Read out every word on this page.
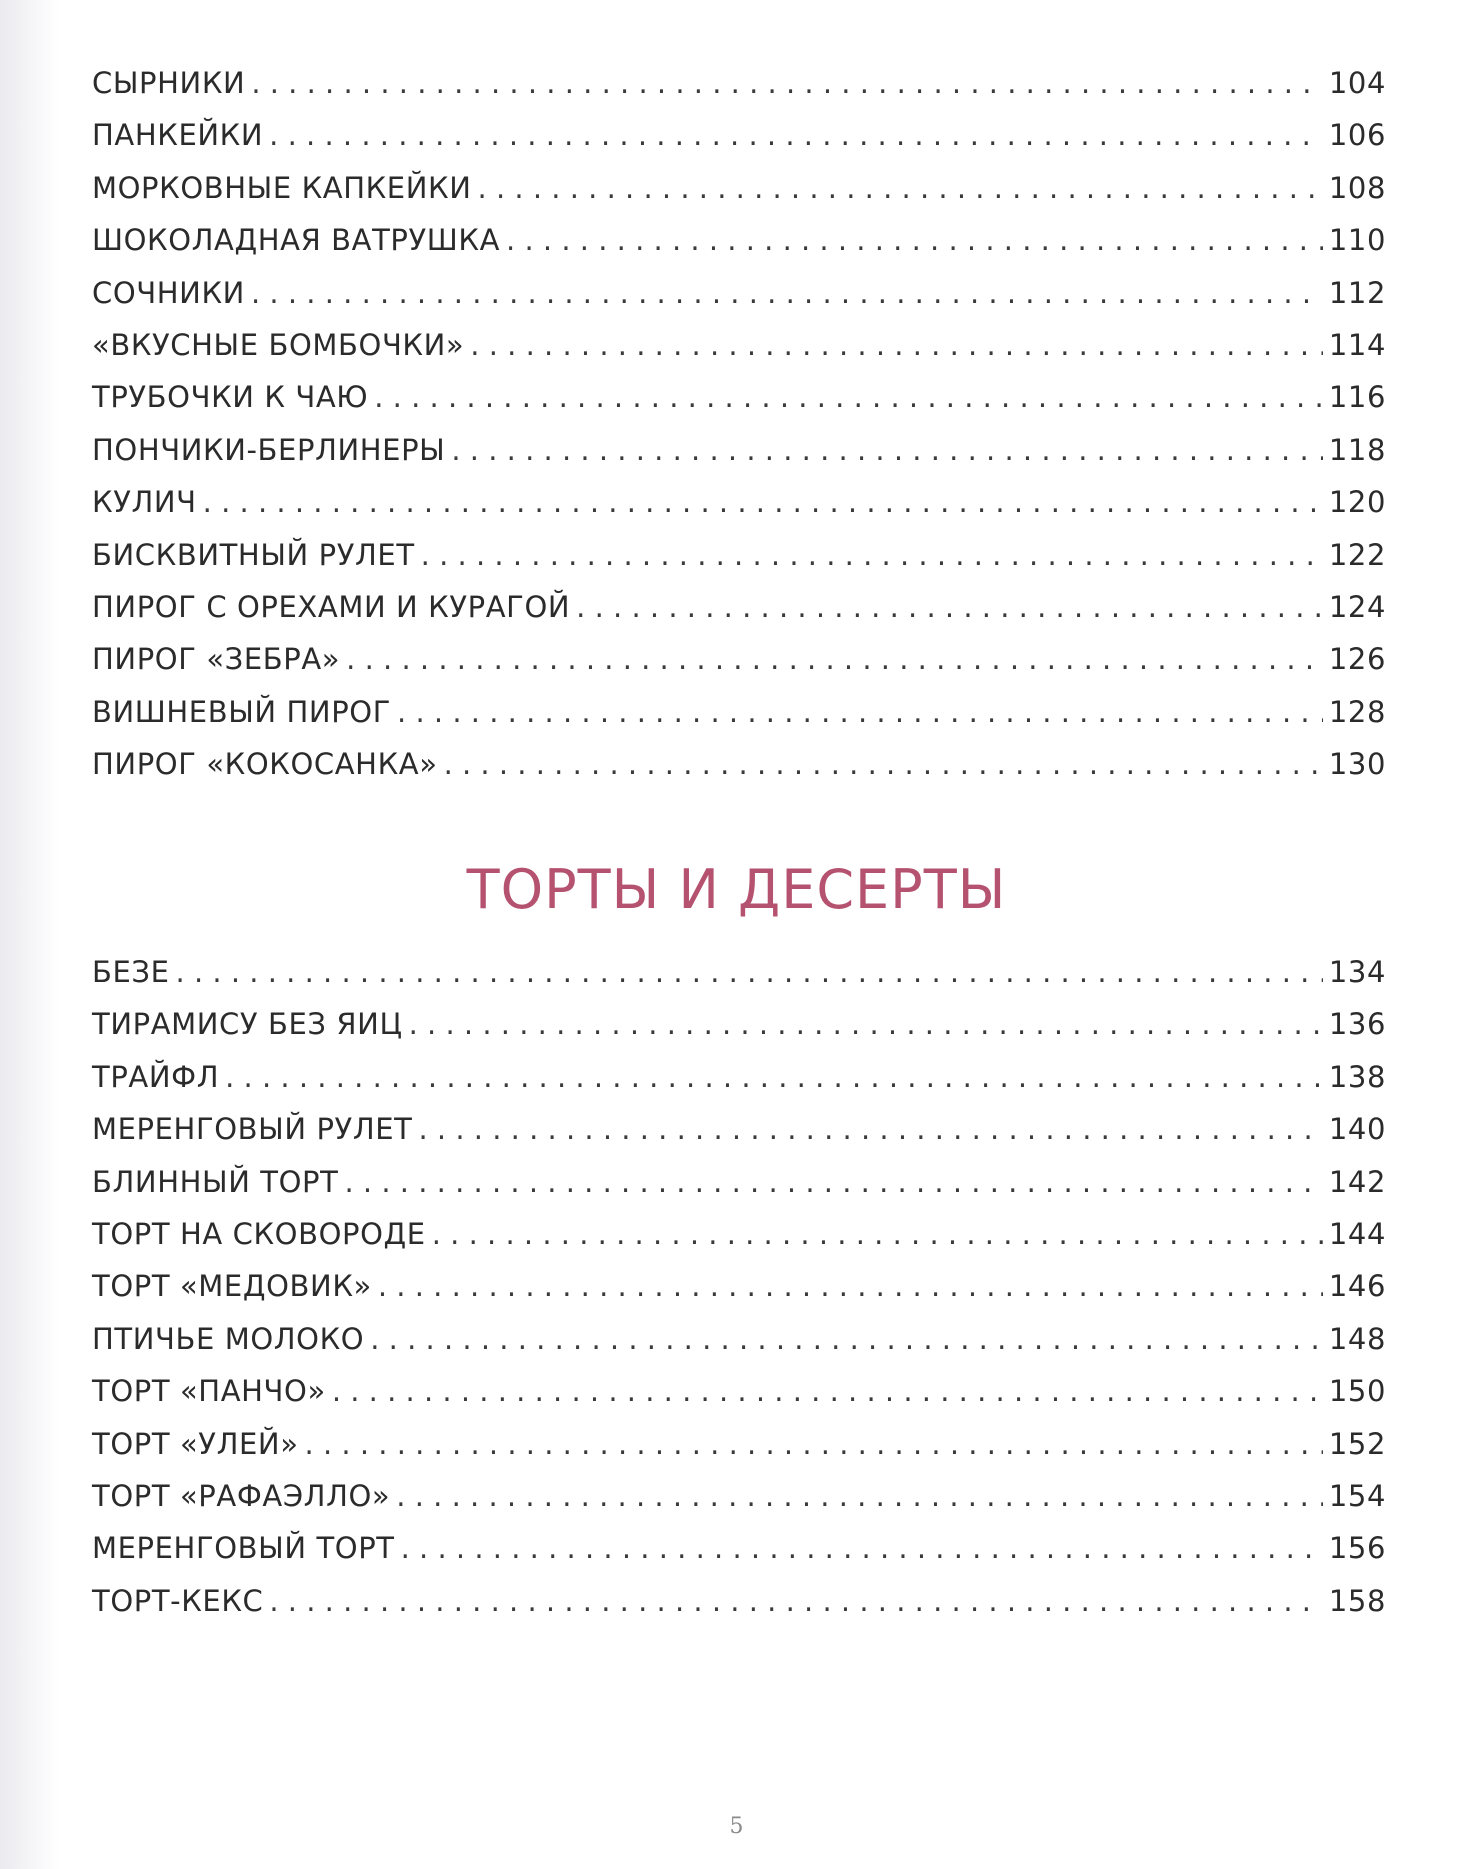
СЫРНИКИ . . .	104
ПАНКЕЙКИ . . .	106
МОРКОВНЫЕ КАПКЕЙКИ . . .	108
ШОКОЛАДНАЯ ВАТРУШКА . . .	110
СОЧНИКИ . . .	112
«ВКУСНЫЕ БОМБОЧКИ» . . .	114
ТРУБОЧКИ К ЧАЮ . . .	116
ПОНЧИКИ-БЕРЛИНЕРЫ . . .	118
КУЛИЧ . . .	120
БИСКВИТНЫЙ РУЛЕТ . . .	122
ПИРОГ С ОРЕХАМИ И КУРАГОЙ . . .	124
ПИРОГ «ЗЕБРА» . . .	126
ВИШНЕВЫЙ ПИРОГ . . .	128
ПИРОГ «КОКОСАНКА» . . .	130
ТОРТЫ И ДЕСЕРТЫ
БЕЗЕ . . .	134
ТИРАМИСУ БЕЗ ЯИЦ . . .	136
ТРАЙФЛ . . .	138
МЕРЕНГОВЫЙ РУЛЕТ . . .	140
БЛИННЫЙ ТОРТ . . .	142
ТОРТ НА СКОВОРОДЕ . . .	144
ТОРТ «МЕДОВИК» . . .	146
ПТИЧЬЕ МОЛОКО . . .	148
ТОРТ «ПАНЧО» . . .	150
ТОРТ «УЛЕЙ» . . .	152
ТОРТ «РАФАЭЛЛО» . . .	154
МЕРЕНГОВЫЙ ТОРТ . . .	156
ТОРТ-КЕКС . . .	158
5
